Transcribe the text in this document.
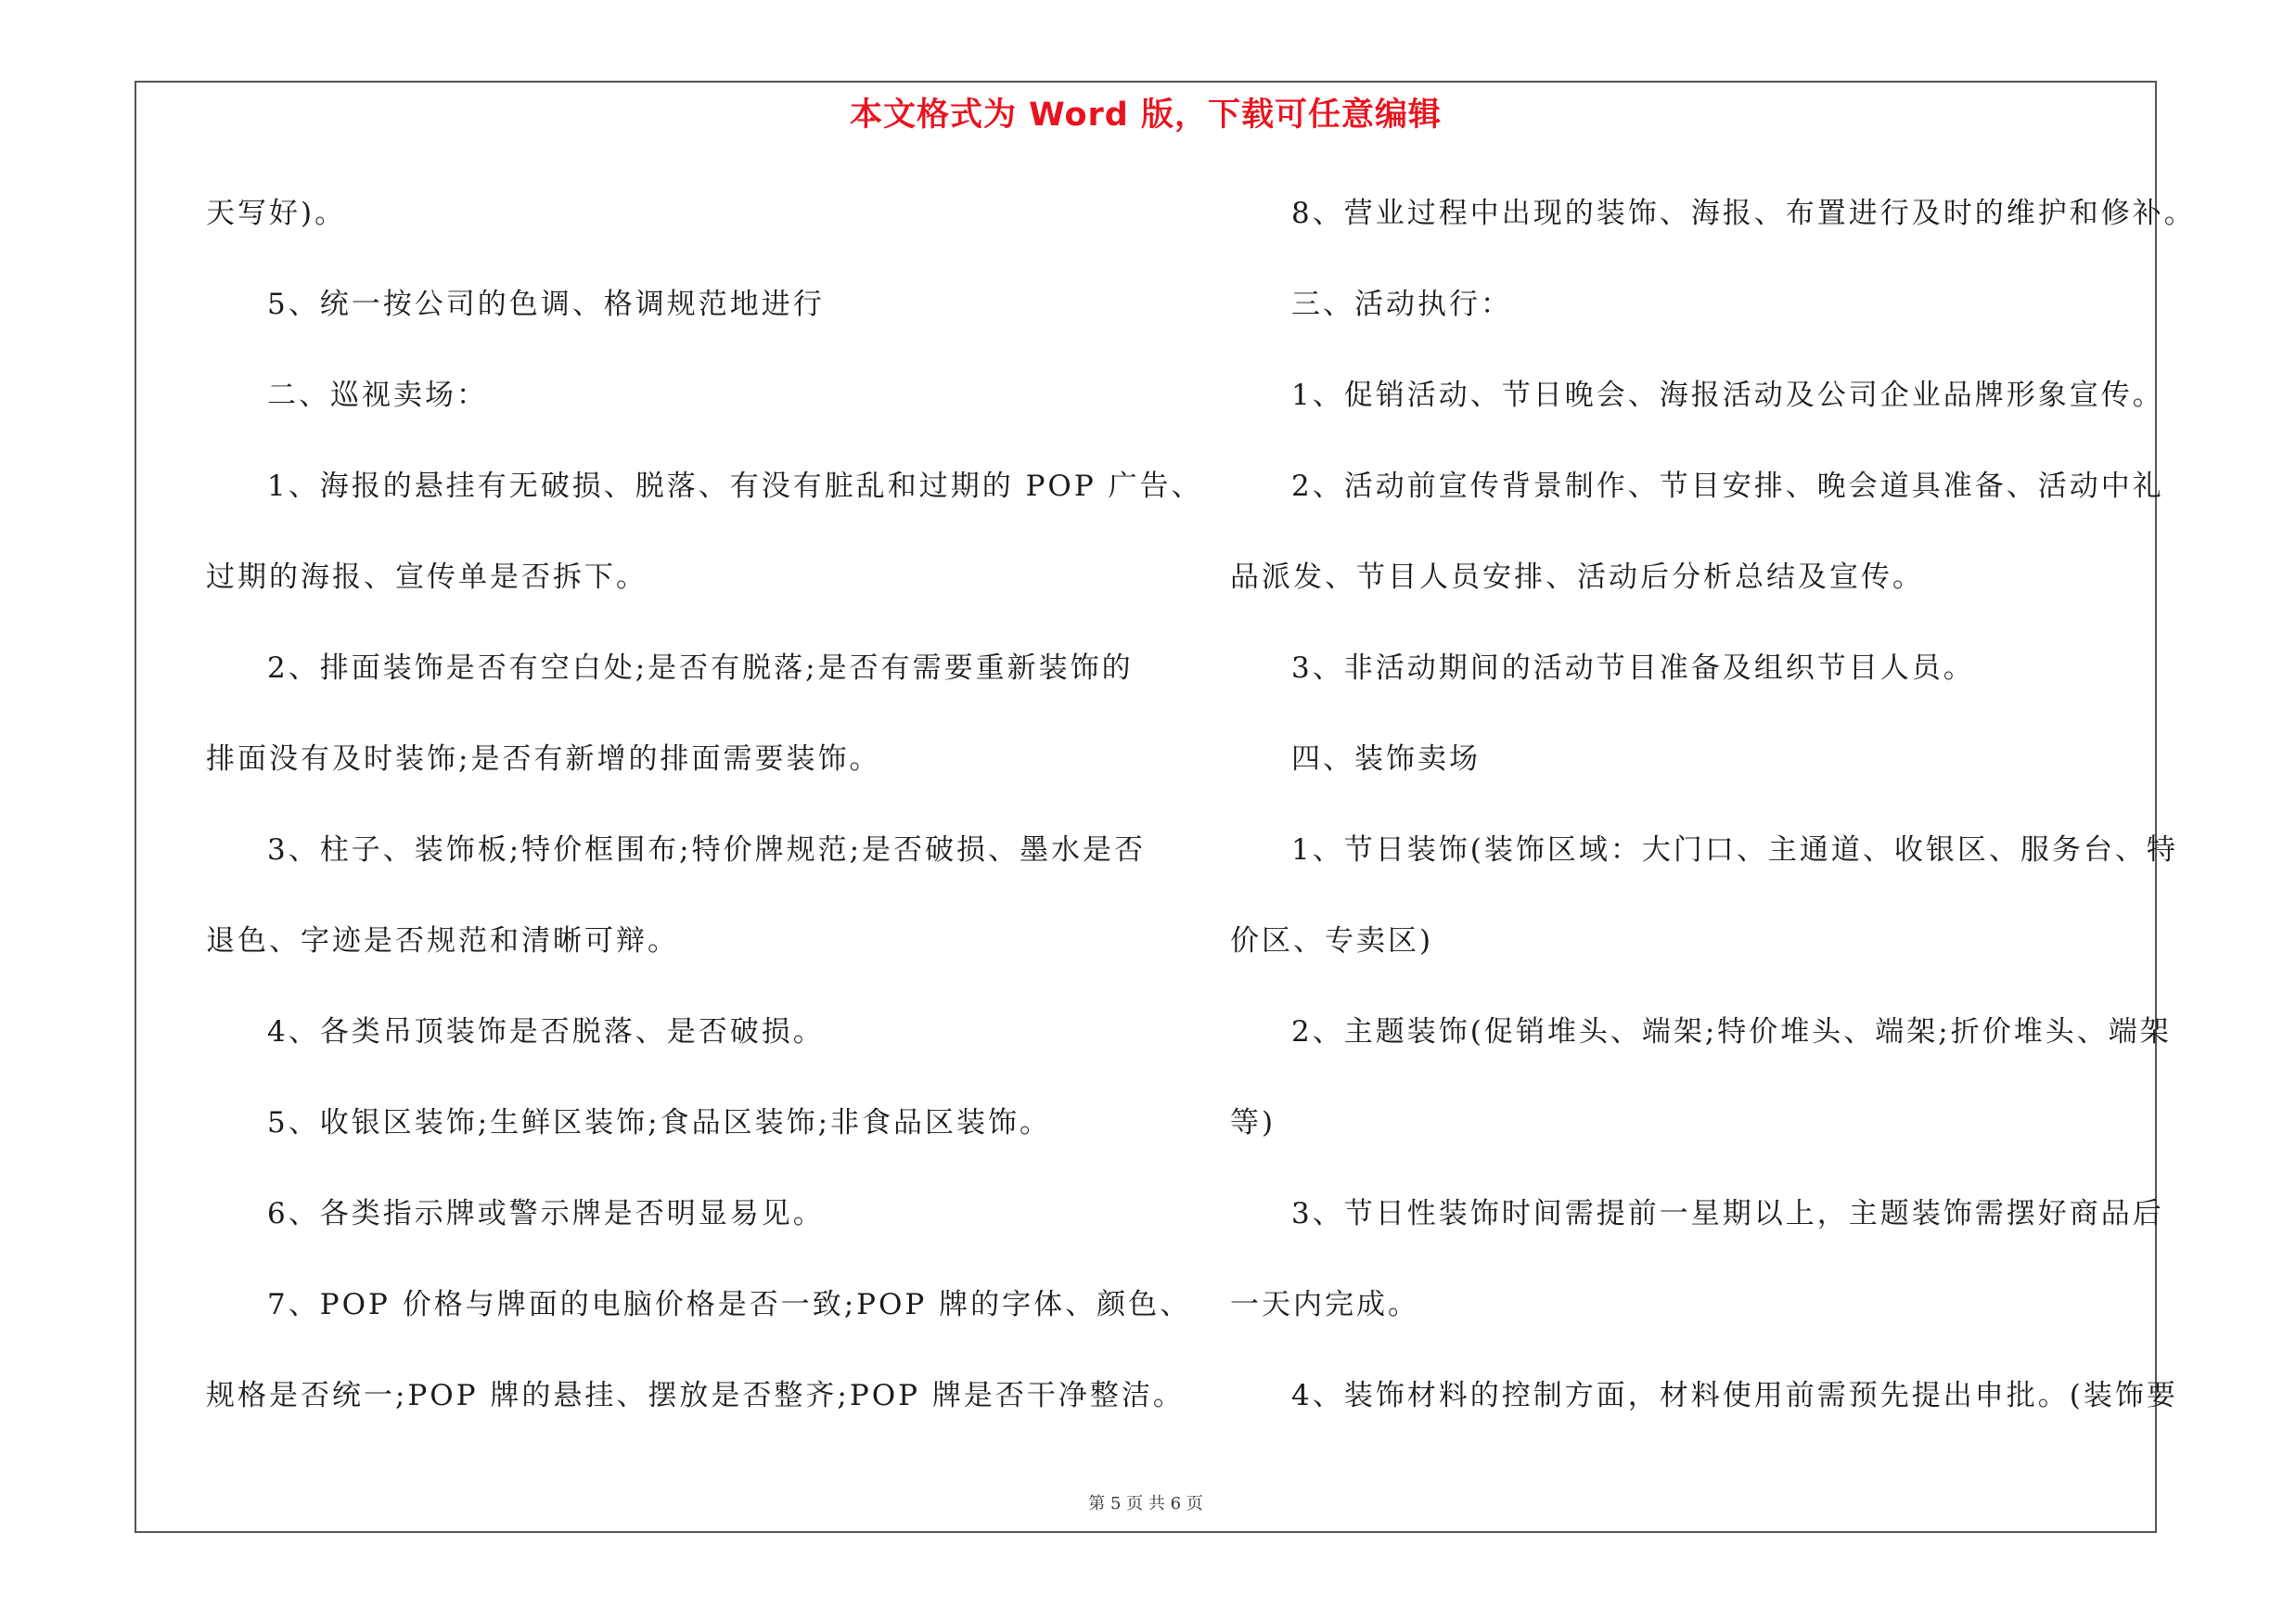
本文格式为 Word 版，下载可任意编辑
天写好)。
5、统一按公司的色调、格调规范地进行
二、巡视卖场：
1、海报的悬挂有无破损、脱落、有没有脏乱和过期的 POP 广告、
过期的海报、宣传单是否拆下。
2、排面装饰是否有空白处;是否有脱落;是否有需要重新装饰的
排面没有及时装饰;是否有新增的排面需要装饰。
3、柱子、装饰板;特价框围布;特价牌规范;是否破损、墨水是否
退色、字迹是否规范和清晰可辩。
4、各类吊顶装饰是否脱落、是否破损。
5、收银区装饰;生鲜区装饰;食品区装饰;非食品区装饰。
6、各类指示牌或警示牌是否明显易见。
7、POP 价格与牌面的电脑价格是否一致;POP 牌的字体、颜色、
规格是否统一;POP 牌的悬挂、摆放是否整齐;POP 牌是否干净整洁。
8、营业过程中出现的装饰、海报、布置进行及时的维护和修补。
三、活动执行：
1、促销活动、节日晚会、海报活动及公司企业品牌形象宣传。
2、活动前宣传背景制作、节目安排、晚会道具准备、活动中礼
品派发、节目人员安排、活动后分析总结及宣传。
3、非活动期间的活动节目准备及组织节目人员。
四、装饰卖场
1、节日装饰(装饰区域：大门口、主通道、收银区、服务台、特
价区、专卖区)
2、主题装饰(促销堆头、端架;特价堆头、端架;折价堆头、端架
等)
3、节日性装饰时间需提前一星期以上，主题装饰需摆好商品后
一天内完成。
4、装饰材料的控制方面，材料使用前需预先提出申批。(装饰要
第 5 页 共 6 页
